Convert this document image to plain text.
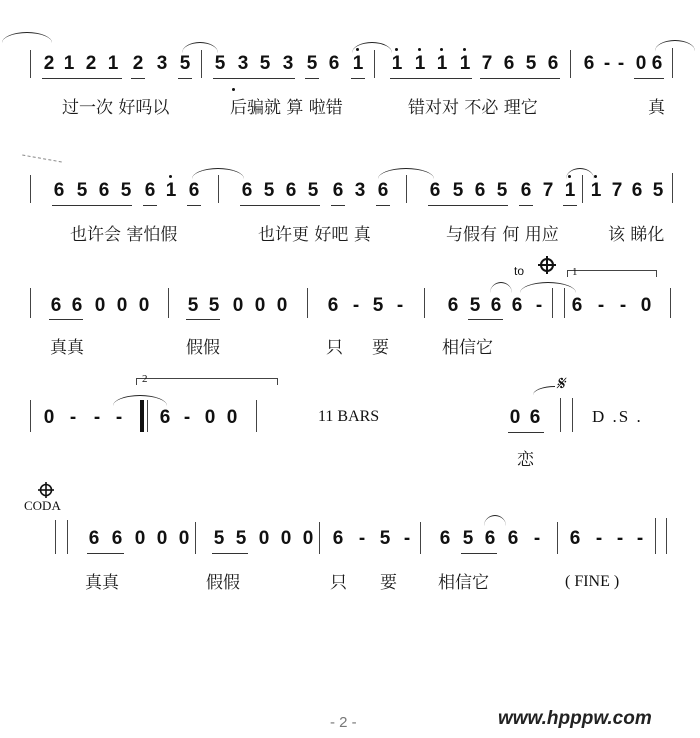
2 1 2 1 2 3 5 5 3 5 3 5 6 1 1 1 1 1 7 6 5 6 6 - - 0 6
过一次 好吗以	后骗就 算 啦错	错对对 不必 理它	真
6 5 6 5 6 1 6 6 5 6 5 6 3 6 6 5 6 5 6 7 1 1 7 6 5
也许会 害怕假	也许更 好吧 真	与假有 何 用应	该 睇化
6 6 0 0 0 5 5 0 0 0 6 - 5 - 6 5 6 6 -
to	1
6 - - 0
真真	假假	只 要	相信它
2
0 - - - 6 - 0 0	11 BARS	0 6
𝄋
D .S .
恋
CODA
6 6 0 0 0 5 5 0 0 0 6 - 5 - 6 5 6 6 - 6 - - -
真真	假假	只 要 相信它	( FINE )
- 2 -	www.hpppw.com
